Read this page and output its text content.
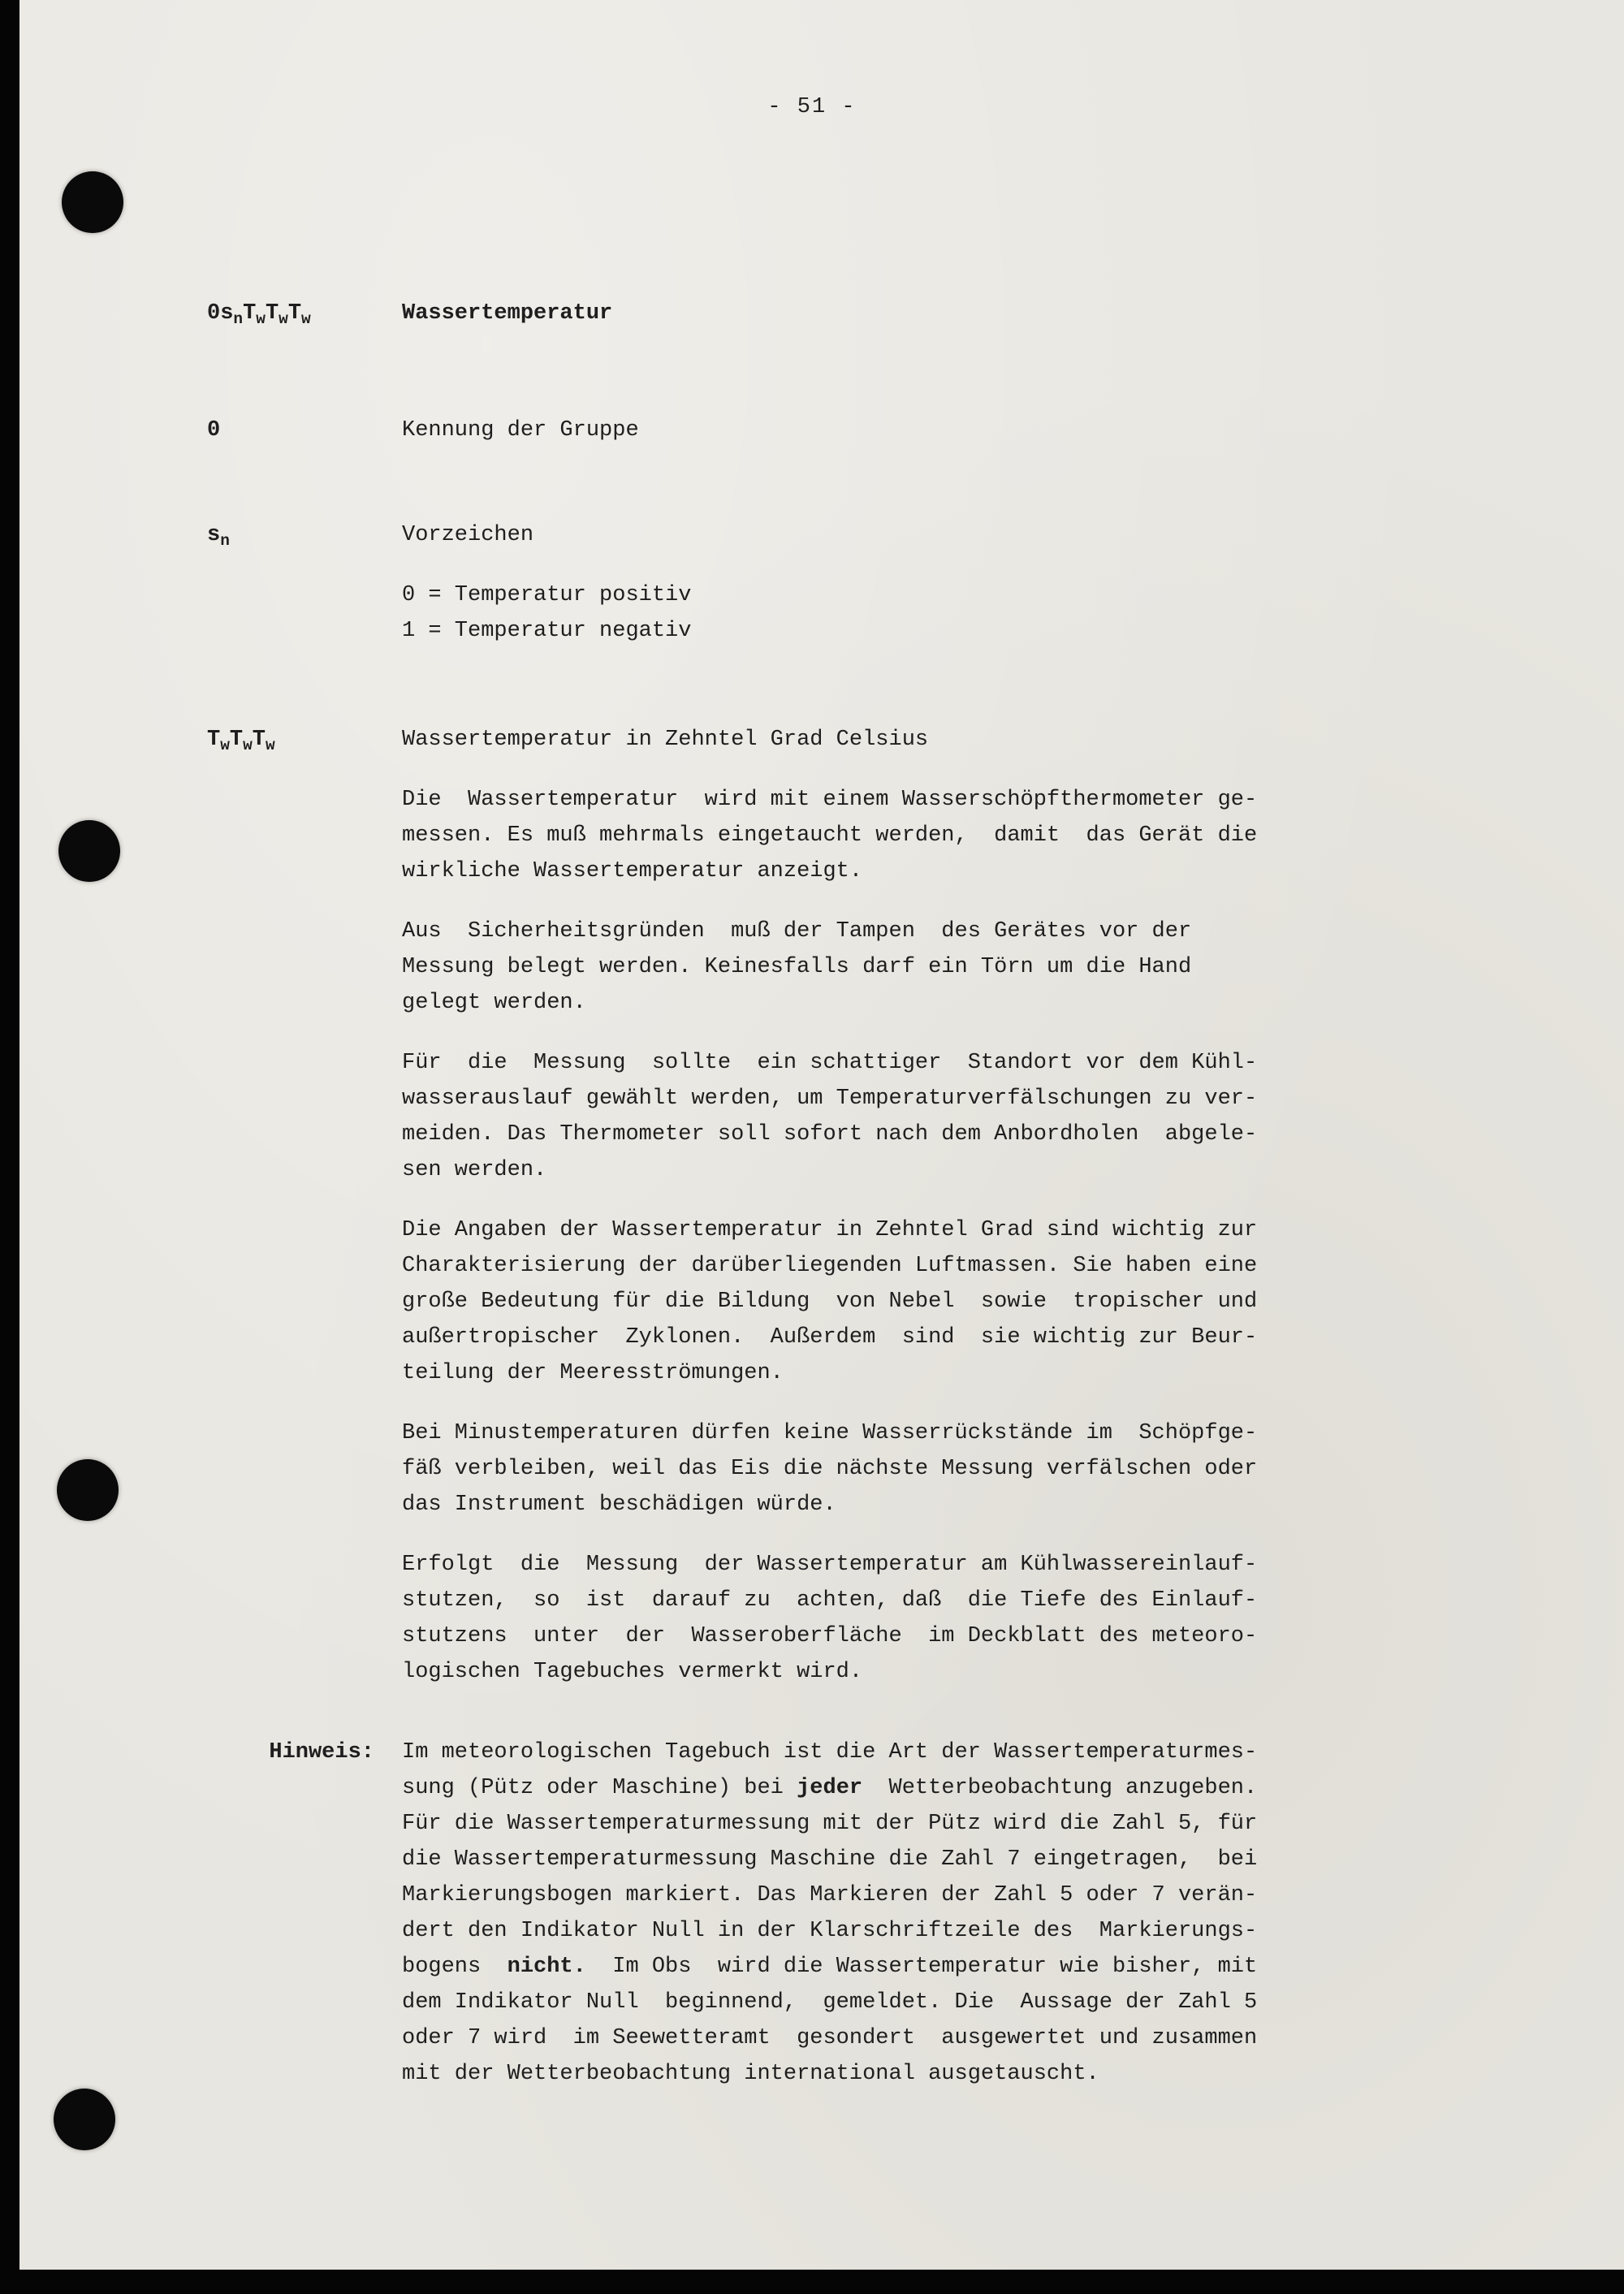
- 51 -
0snTwTwTw	Wassertemperatur
0	Kennung der Gruppe
sn	Vorzeichen
0 = Temperatur positiv
1 = Temperatur negativ
TwTwTw	Wassertemperatur in Zehntel Grad Celsius
Die  Wassertemperatur  wird mit einem Wasserschöpfthermometer ge-
messen. Es muß mehrmals eingetaucht werden,  damit  das Gerät die
wirkliche Wassertemperatur anzeigt.
Aus  Sicherheitsgründen  muß der Tampen  des Gerätes vor der
Messung belegt werden. Keinesfalls darf ein Törn um die Hand
gelegt werden.
Für  die  Messung  sollte  ein schattiger  Standort vor dem Kühl-
wasserauslauf gewählt werden, um Temperaturverfälschungen zu ver-
meiden. Das Thermometer soll sofort nach dem Anbordholen  abgele-
sen werden.
Die Angaben der Wassertemperatur in Zehntel Grad sind wichtig zur
Charakterisierung der darüberliegenden Luftmassen. Sie haben eine
große Bedeutung für die Bildung  von Nebel  sowie  tropischer und
außertropischer  Zyklonen.  Außerdem  sind  sie wichtig zur Beur-
teilung der Meeresströmungen.
Bei Minustemperaturen dürfen keine Wasserrückstände im  Schöpfge-
fäß verbleiben, weil das Eis die nächste Messung verfälschen oder
das Instrument beschädigen würde.
Erfolgt  die  Messung  der Wassertemperatur am Kühlwassereinlauf-
stutzen,  so  ist  darauf zu  achten, daß  die Tiefe des Einlauf-
stutzens  unter  der  Wasseroberfläche  im Deckblatt des meteoro-
logischen Tagebuches vermerkt wird.
Hinweis:	Im meteorologischen Tagebuch ist die Art der Wassertemperaturmes-
sung (Pütz oder Maschine) bei jeder  Wetterbeobachtung anzugeben.
Für die Wassertemperaturmessung mit der Pütz wird die Zahl 5, für
die Wassertemperaturmessung Maschine die Zahl 7 eingetragen,  bei
Markierungsbogen markiert. Das Markieren der Zahl 5 oder 7 verän-
dert den Indikator Null in der Klarschriftzeile des  Markierungs-
bogens  nicht.  Im Obs  wird die Wassertemperatur wie bisher, mit
dem Indikator Null  beginnend,  gemeldet. Die  Aussage der Zahl 5
oder 7 wird  im Seewetteramt  gesondert  ausgewertet und zusammen
mit der Wetterbeobachtung international ausgetauscht.
